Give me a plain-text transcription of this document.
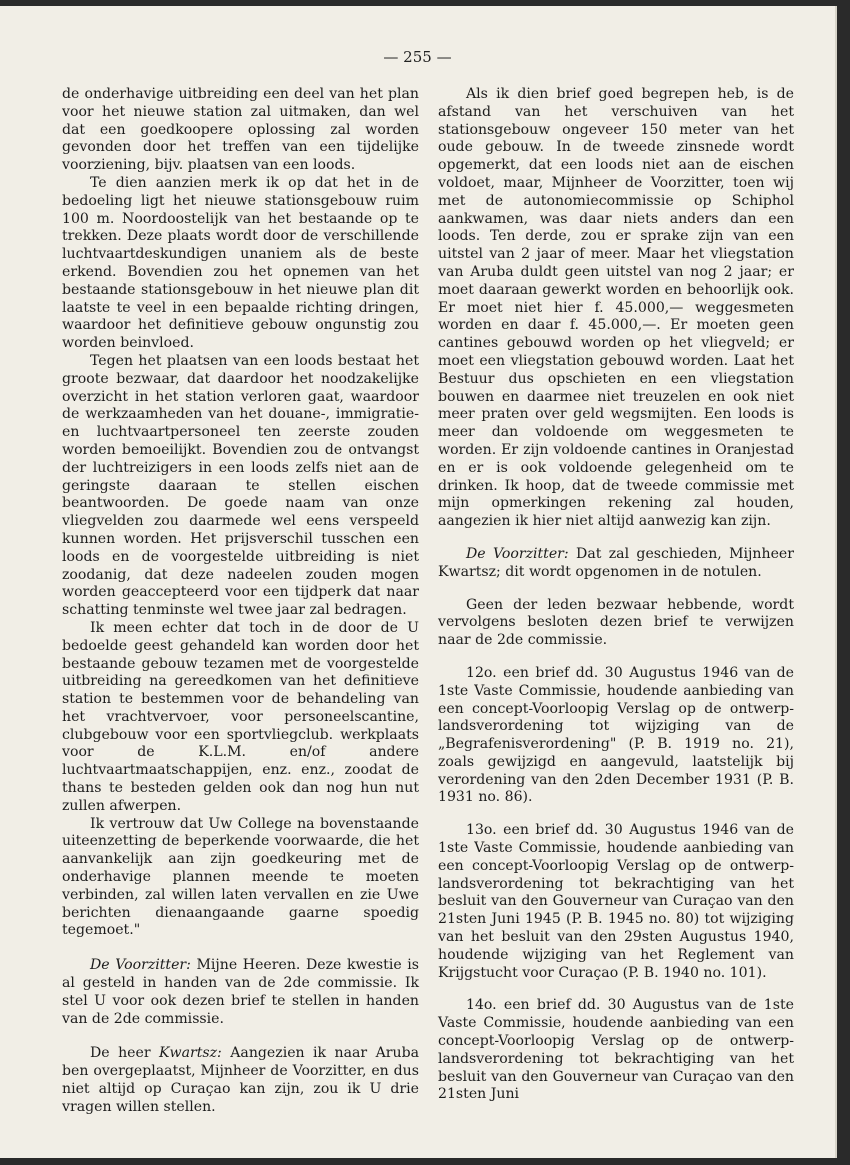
— 255 —

de onderhavige uitbreiding een deel van het plan voor het nieuwe station zal uitmaken, dan wel dat een goedkoopere oplossing zal worden gevonden door het treffen van een tijdelijke voorziening, bijv. plaatsen van een loods.

Te dien aanzien merk ik op dat het in de bedoeling ligt het nieuwe stationsgebouw ruim 100 m. Noordoostelijk van het bestaande op te trekken. Deze plaats wordt door de verschillende luchtvaartdeskundigen unaniem als de beste erkend. Bovendien zou het opnemen van het bestaande stationsgebouw in het nieuwe plan dit laatste te veel in een bepaalde richting dringen, waardoor het definitieve gebouw ongunstig zou worden beinvloed.

Tegen het plaatsen van een loods bestaat het groote bezwaar, dat daardoor het noodzakelijke overzicht in het station verloren gaat, waardoor de werkzaamheden van het douane-, immigratie- en luchtvaartpersoneel ten zeerste zouden worden bemoeilijkt. Bovendien zou de ontvangst der luchtreizigers in een loods zelfs niet aan de geringste daaraan te stellen eischen beantwoorden. De goede naam van onze vliegvelden zou daarmede wel eens verspeeld kunnen worden. Het prijsverschil tusschen een loods en de voorgestelde uitbreiding is niet zoodanig, dat deze nadeelen zouden mogen worden geaccepteerd voor een tijdperk dat naar schatting tenminste wel twee jaar zal bedragen.

Ik meen echter dat toch in de door de U bedoelde geest gehandeld kan worden door het bestaande gebouw tezamen met de voorgestelde uitbreiding na gereedkomen van het definitieve station te bestemmen voor de behandeling van het vrachtvervoer, voor personeelscantine, clubgebouw voor een sportvliegclub. werkplaats voor de K.L.M. en/of andere luchtvaartmaatschappijen, enz. enz., zoodat de thans te besteden gelden ook dan nog hun nut zullen afwerpen.

Ik vertrouw dat Uw College na bovenstaande uiteenzetting de beperkende voorwaarde, die het aanvankelijk aan zijn goedkeuring met de onderhavige plannen meende te moeten verbinden, zal willen laten vervallen en zie Uwe berichten dienaangaande gaarne spoedig tegemoet."

De Voorzitter: Mijne Heeren. Deze kwestie is al gesteld in handen van de 2de commissie. Ik stel U voor ook dezen brief te stellen in handen van de 2de commissie.

De heer Kwartsz: Aangezien ik naar Aruba ben overgeplaatst, Mijnheer de Voorzitter, en dus niet altijd op Curaçao kan zijn, zou ik U drie vragen willen stellen.

Als ik dien brief goed begrepen heb, is de afstand van het verschuiven van het stationsgebouw ongeveer 150 meter van het oude gebouw. In de tweede zinsnede wordt opgemerkt, dat een loods niet aan de eischen voldoet, maar, Mijnheer de Voorzitter, toen wij met de autonomiecommissie op Schiphol aankwamen, was daar niets anders dan een loods. Ten derde, zou er sprake zijn van een uitstel van 2 jaar of meer. Maar het vliegstation van Aruba duldt geen uitstel van nog 2 jaar; er moet daaraan gewerkt worden en behoorlijk ook. Er moet niet hier f. 45.000,— weggesmeten worden en daar f. 45.000,—. Er moeten geen cantines gebouwd worden op het vliegveld; er moet een vliegstation gebouwd worden. Laat het Bestuur dus opschieten en een vliegstation bouwen en daarmee niet treuzelen en ook niet meer praten over geld wegsmijten. Een loods is meer dan voldoende om weggesmeten te worden. Er zijn voldoende cantines in Oranjestad en er is ook voldoende gelegenheid om te drinken. Ik hoop, dat de tweede commissie met mijn opmerkingen rekening zal houden, aangezien ik hier niet altijd aanwezig kan zijn.

De Voorzitter: Dat zal geschieden, Mijnheer Kwartsz; dit wordt opgenomen in de notulen.

Geen der leden bezwaar hebbende, wordt vervolgens besloten dezen brief te verwijzen naar de 2de commissie.

12o. een brief dd. 30 Augustus 1946 van de 1ste Vaste Commissie, houdende aanbieding van een concept-Voorloopig Verslag op de ontwerp-landsverordening tot wijziging van de „Begrafenisverordening" (P. B. 1919 no. 21), zoals gewijzigd en aangevuld, laatstelijk bij verordening van den 2den December 1931 (P. B. 1931 no. 86).

13o. een brief dd. 30 Augustus 1946 van de 1ste Vaste Commissie, houdende aanbieding van een concept-Voorloopig Verslag op de ontwerp-landsverordening tot bekrachtiging van het besluit van den Gouverneur van Curaçao van den 21sten Juni 1945 (P. B. 1945 no. 80) tot wijziging van het besluit van den 29sten Augustus 1940, houdende wijziging van het Reglement van Krijgstucht voor Curaçao (P. B. 1940 no. 101).

14o. een brief dd. 30 Augustus van de 1ste Vaste Commissie, houdende aanbieding van een concept-Voorloopig Verslag op de ontwerp-landsverordening tot bekrachtiging van het besluit van den Gouverneur van Curaçao van den 21sten Juni
